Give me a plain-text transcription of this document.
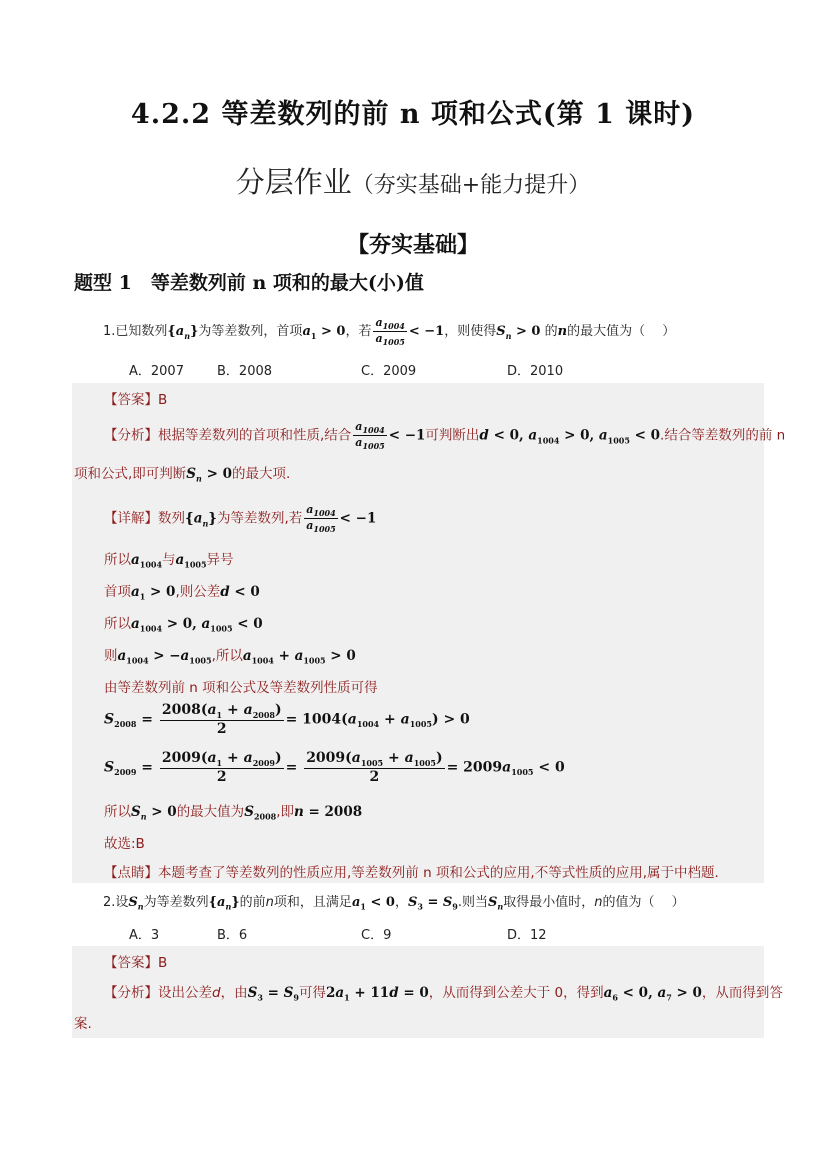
4.2.2 等差数列的前 n 项和公式(第 1 课时)
分层作业（夯实基础+能力提升）
【夯实基础】
题型 1　等差数列前 n 项和的最大(小)值
1.已知数列$\{a_n\}$为等差数列，首项$a_1 > 0$，若 $\frac{a_{1004}}{a_{1005}} < -1$，则使得$S_n > 0$ 的n的最大值为（　 ）
A．2007	B．2008	C．2009	D．2010
【答案】B
【分析】根据等差数列的首项和性质,结合 $\frac{a_{1004}}{a_{1005}} < -1$可判断出d < 0, $a_{1004} > 0$, $a_{1005} < 0$.结合等差数列的前 n
项和公式,即可判断$S_n > 0$的最大项.
【详解】数列$\{a_n\}$为等差数列,若 $\frac{a_{1004}}{a_{1005}} < -1$
所以$a_{1004}$与$a_{1005}$异号
首项$a_1 > 0$,则公差d < 0
所以$a_{1004} > 0$, $a_{1005} < 0$
则$a_{1004} > -a_{1005}$,所以$a_{1004} + a_{1005} > 0$
由等差数列前 n 项和公式及等差数列性质可得
$S_{2008} = \frac{2008(a_1 + a_{2008})}{2} = 1004(a_{1004} + a_{1005}) > 0$
$S_{2009} = \frac{2009(a_1 + a_{2009})}{2} = \frac{2009(a_{1005} + a_{1005})}{2} = 2009a_{1005} < 0$
所以$S_n > 0$的最大值为$S_{2008}$,即n = 2008
故选:B
【点睛】本题考查了等差数列的性质应用,等差数列前 n 项和公式的应用,不等式性质的应用,属于中档题.
2.设$S_n$为等差数列$\{a_n\}$的前n项和，且满足$a_1 < 0$，$S_3 = S_9$.则当$S_n$取得最小值时，n的值为（　 ）
A．3	B．6	C．9	D．12
【答案】B
【分析】设出公差d，由$S_3 = S_9$可得$2a_1 + 11d = 0$，从而得到公差大于 0，得到$a_6 < 0$, $a_7 > 0$，从而得到答
案.
